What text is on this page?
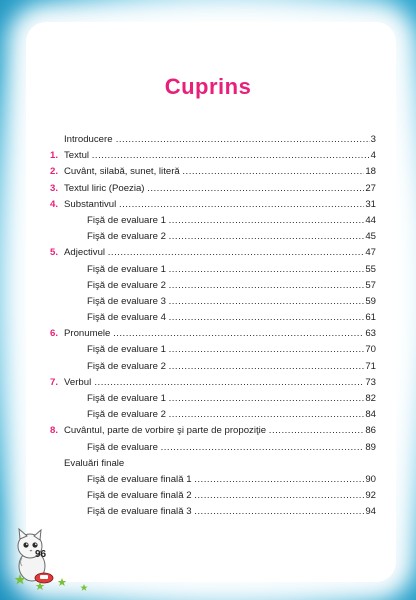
Cuprins
Introducere .....	3
1. Textul .....	4
2. Cuvânt, silabă, sunet, literă .....	18
3. Textul liric (Poezia) .....	27
4. Substantivul .....	31
Fişă de evaluare 1 .....	44
Fişă de evaluare 2 .....	45
5. Adjectivul .....	47
Fişă de evaluare 1 .....	55
Fişă de evaluare 2 .....	57
Fişă de evaluare 3 .....	59
Fişă de evaluare 4 .....	61
6. Pronumele .....	63
Fişă de evaluare 1 .....	70
Fişă de evaluare 2 .....	71
7. Verbul .....	73
Fişă de evaluare 1 .....	82
Fişă de evaluare 2 .....	84
8. Cuvântul, parte de vorbire şi parte de propoziţie .....	86
Fişă de evaluare .....	89
Evaluări finale
Fişă de evaluare finală 1 .....	90
Fişă de evaluare finală 2 .....	92
Fişă de evaluare finală 3 .....	94
96
